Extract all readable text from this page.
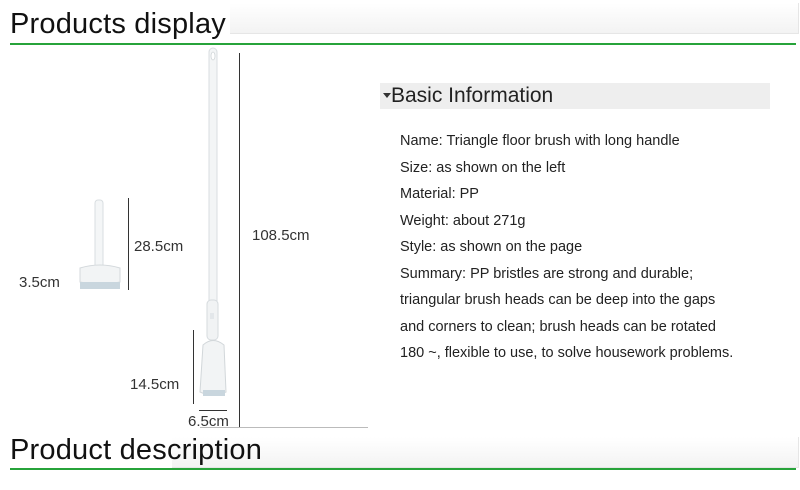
Products display
28.5cm
3.5cm
108.5cm
14.5cm
6.5cm
Basic Information
Name: Triangle floor brush with long handle
Size: as shown on the left
Material: PP
Weight: about 271g
Style: as shown on the page
Summary: PP bristles are strong and durable;
triangular brush heads can be deep into the gaps
and corners to clean; brush heads can be rotated
180 ~, flexible to use, to solve housework problems.
Product description
